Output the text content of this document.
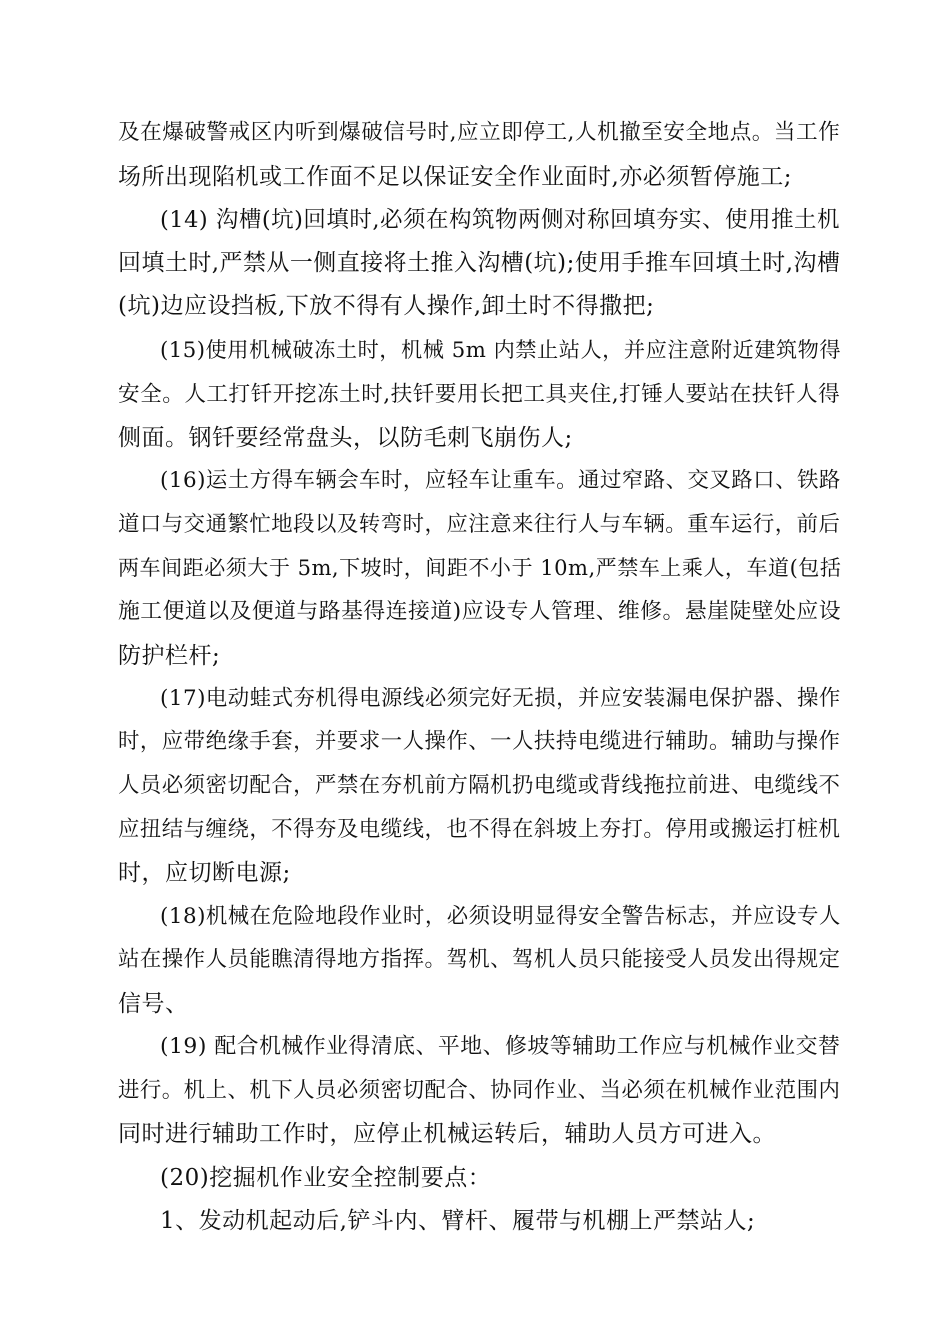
及在爆破警戒区内听到爆破信号时,应立即停工,人机撤至安全地点。当工作
场所出现陷机或工作面不足以保证安全作业面时,亦必须暂停施工;
(14) 沟槽(坑)回填时,必须在构筑物两侧对称回填夯实、使用推土机
回填土时,严禁从一侧直接将土推入沟槽(坑);使用手推车回填土时,沟槽
(坑)边应设挡板,下放不得有人操作,卸土时不得撒把;
(15)使用机械破冻土时，机械 5m 内禁止站人，并应注意附近建筑物得
安全。人工打钎开挖冻土时,扶钎要用长把工具夹住,打锤人要站在扶钎人得
侧面。钢钎要经常盘头，以防毛刺飞崩伤人;
(16)运土方得车辆会车时，应轻车让重车。通过窄路、交叉路口、铁路
道口与交通繁忙地段以及转弯时，应注意来往行人与车辆。重车运行，前后
两车间距必须大于 5m,下坡时，间距不小于 10m,严禁车上乘人，车道(包括
施工便道以及便道与路基得连接道)应设专人管理、维修。悬崖陡壁处应设
防护栏杆;
(17)电动蛙式夯机得电源线必须完好无损，并应安装漏电保护器、操作
时，应带绝缘手套，并要求一人操作、一人扶持电缆进行辅助。辅助与操作
人员必须密切配合，严禁在夯机前方隔机扔电缆或背线拖拉前进、电缆线不
应扭结与缠绕，不得夯及电缆线，也不得在斜坡上夯打。停用或搬运打桩机
时，应切断电源;
(18)机械在危险地段作业时，必须设明显得安全警告标志，并应设专人
站在操作人员能瞧清得地方指挥。驾机、驾机人员只能接受人员发出得规定
信号、
(19) 配合机械作业得清底、平地、修坡等辅助工作应与机械作业交替
进行。机上、机下人员必须密切配合、协同作业、当必须在机械作业范围内
同时进行辅助工作时，应停止机械运转后，辅助人员方可进入。
(20)挖掘机作业安全控制要点：
1、发动机起动后,铲斗内、臂杆、履带与机棚上严禁站人;
